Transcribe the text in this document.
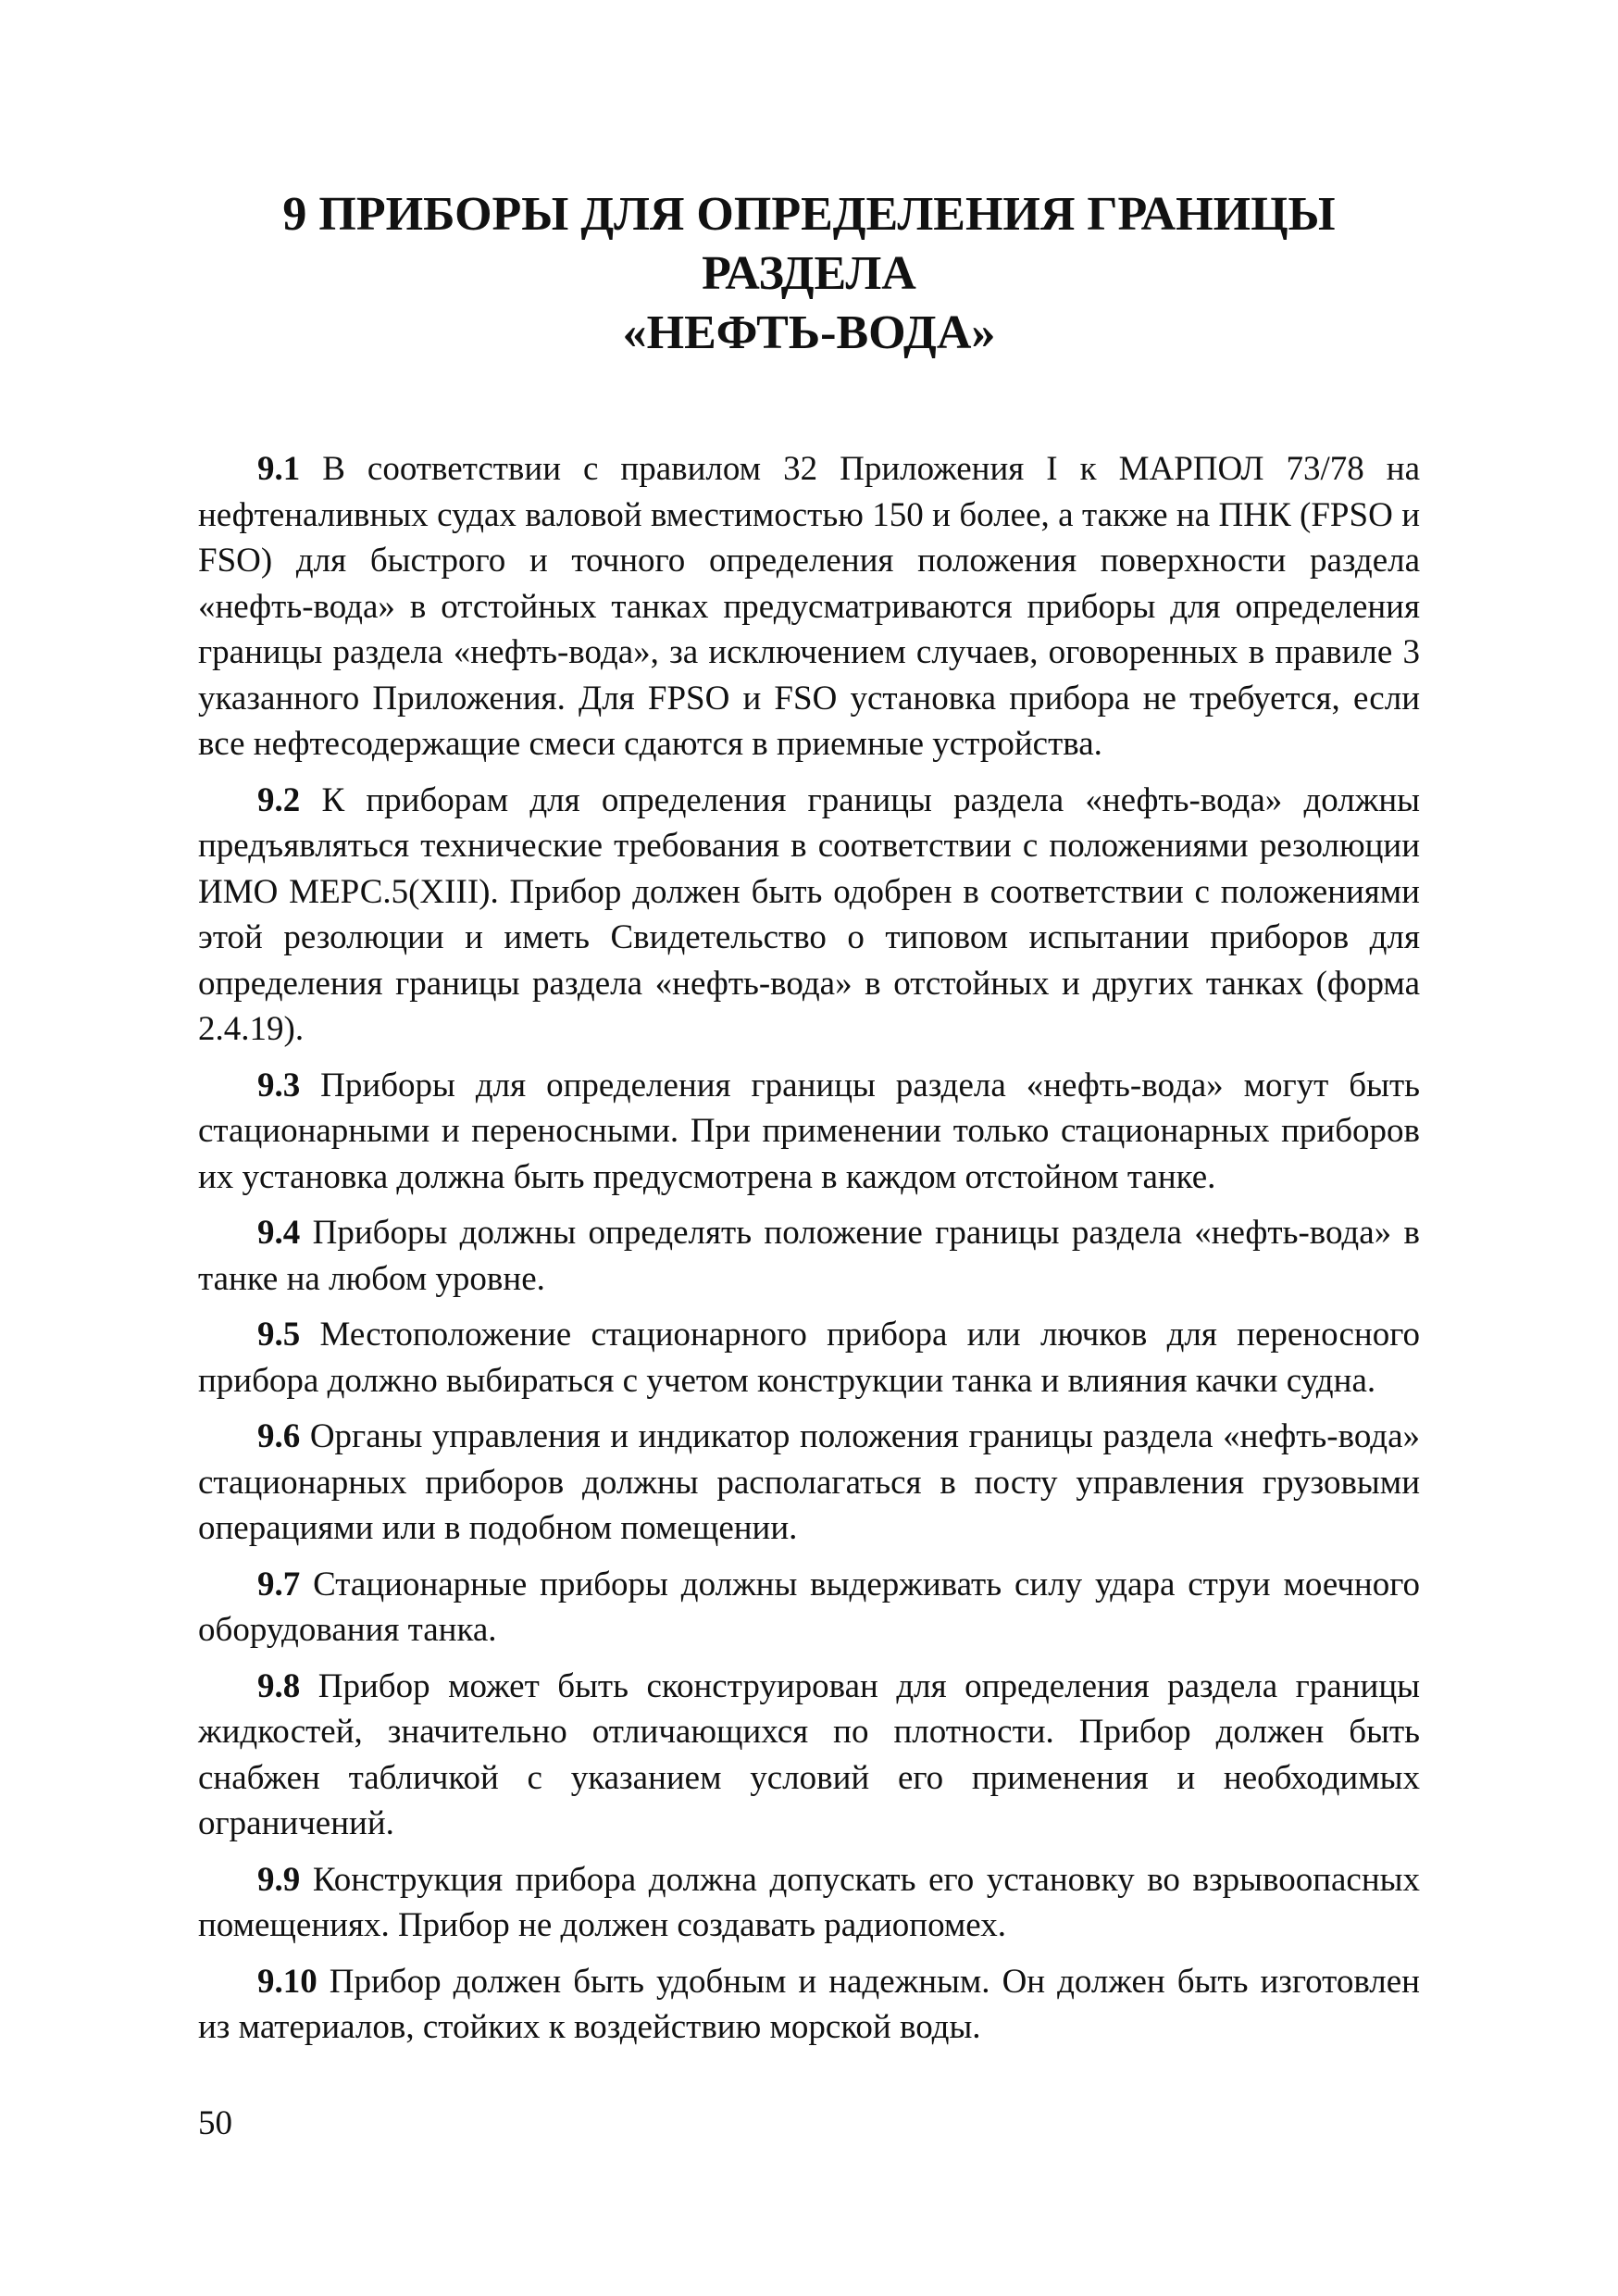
9 ПРИБОРЫ ДЛЯ ОПРЕДЕЛЕНИЯ ГРАНИЦЫ РАЗДЕЛА
«НЕФТЬ-ВОДА»

9.1 В соответствии с правилом 32 Приложения I к МАРПОЛ 73/78 на нефтеналивных судах валовой вместимостью 150 и более, а также на ПНК (FPSO и FSO) для быстрого и точного определения положения поверхности раздела «нефть-вода» в отстойных танках предусматриваются приборы для определения границы раздела «нефть-вода», за исключением случаев, оговоренных в правиле 3 указанного Приложения. Для FPSO и FSO установка прибора не требуется, если все нефтесодержащие смеси сдаются в приемные устройства.

9.2 К приборам для определения границы раздела «нефть-вода» должны предъявляться технические требования в соответствии с положениями резолюции ИМО МЕРС.5(XIII). Прибор должен быть одобрен в соответствии с положениями этой резолюции и иметь Свидетельство о типовом испытании приборов для определения границы раздела «нефть-вода» в отстойных и других танках (форма 2.4.19).

9.3 Приборы для определения границы раздела «нефть-вода» могут быть стационарными и переносными. При применении только стационарных приборов их установка должна быть предусмотрена в каждом отстойном танке.

9.4 Приборы должны определять положение границы раздела «нефть-вода» в танке на любом уровне.

9.5 Местоположение стационарного прибора или лючков для переносного прибора должно выбираться с учетом конструкции танка и влияния качки судна.

9.6 Органы управления и индикатор положения границы раздела «нефть-вода» стационарных приборов должны располагаться в посту управления грузовыми операциями или в подобном помещении.

9.7 Стационарные приборы должны выдерживать силу удара струи моечного оборудования танка.

9.8 Прибор может быть сконструирован для определения раздела границы жидкостей, значительно отличающихся по плотности. Прибор должен быть снабжен табличкой с указанием условий его применения и необходимых ограничений.

9.9 Конструкция прибора должна допускать его установку во взрывоопасных помещениях. Прибор не должен создавать радиопомех.

9.10 Прибор должен быть удобным и надежным. Он должен быть изготовлен из материалов, стойких к воздействию морской воды.

50
